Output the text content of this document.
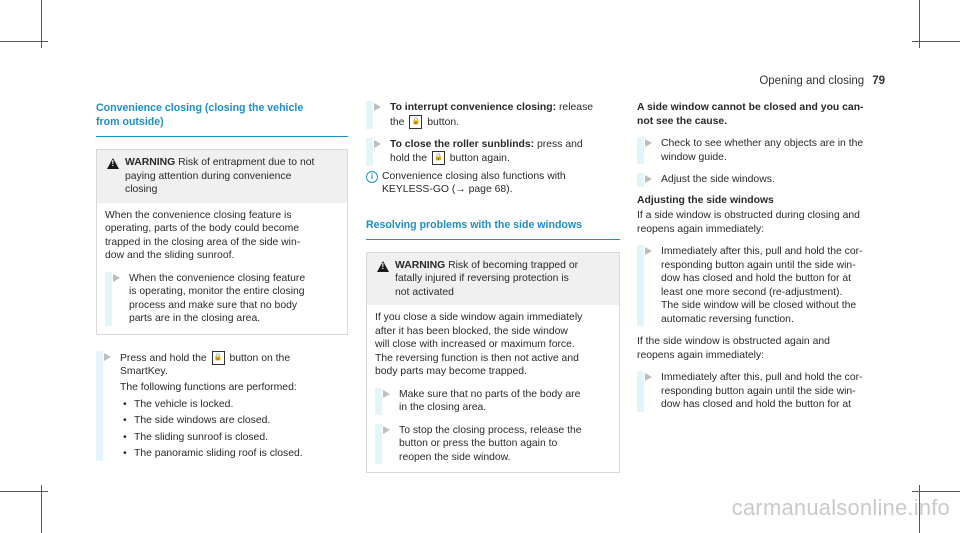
Opening and closing 79

Convenience closing (closing the vehicle
from outside)

!
WARNING Risk of entrapment due to not
paying attention during convenience
closing

When the convenience closing feature is
operating, parts of the body could become
trapped in the closing area of the side win-
dow and the sliding sunroof.

When the convenience closing feature
is operating, monitor the entire closing
process and make sure that no body
parts are in the closing area.
Press and hold the 🔒 button on the
SmartKey.
The following functions are performed:

• The vehicle is locked.

• The side windows are closed.

• The sliding sunroof is closed.

• The panoramic sliding roof is closed.

To interrupt convenience closing: release
the 🔒 button.
To close the roller sunblinds: press and
hold the 🔒 button again.
i Convenience closing also functions with
KEYLESS-GO (→ page 68).

Resolving problems with the side windows

!
WARNING Risk of becoming trapped or
fatally injured if reversing protection is
not activated

If you close a side window again immediately
after it has been blocked, the side window
will close with increased or maximum force.
The reversing function is then not active and
body parts may become trapped.

Make sure that no parts of the body are
in the closing area.
To stop the closing process, release the
button or press the button again to
reopen the side window.

A side window cannot be closed and you can-
not see the cause.

Check to see whether any objects are in the
window guide.
Adjust the side windows.

Adjusting the side windows

If a side window is obstructed during closing and
reopens again immediately:

Immediately after this, pull and hold the cor-
responding button again until the side win-
dow has closed and hold the button for at
least one more second (re-adjustment).
The side window will be closed without the
automatic reversing function.

If the side window is obstructed again and
reopens again immediately:

Immediately after this, pull and hold the cor-
responding button again until the side win-
dow has closed and hold the button for at
carmanualsonline.info
